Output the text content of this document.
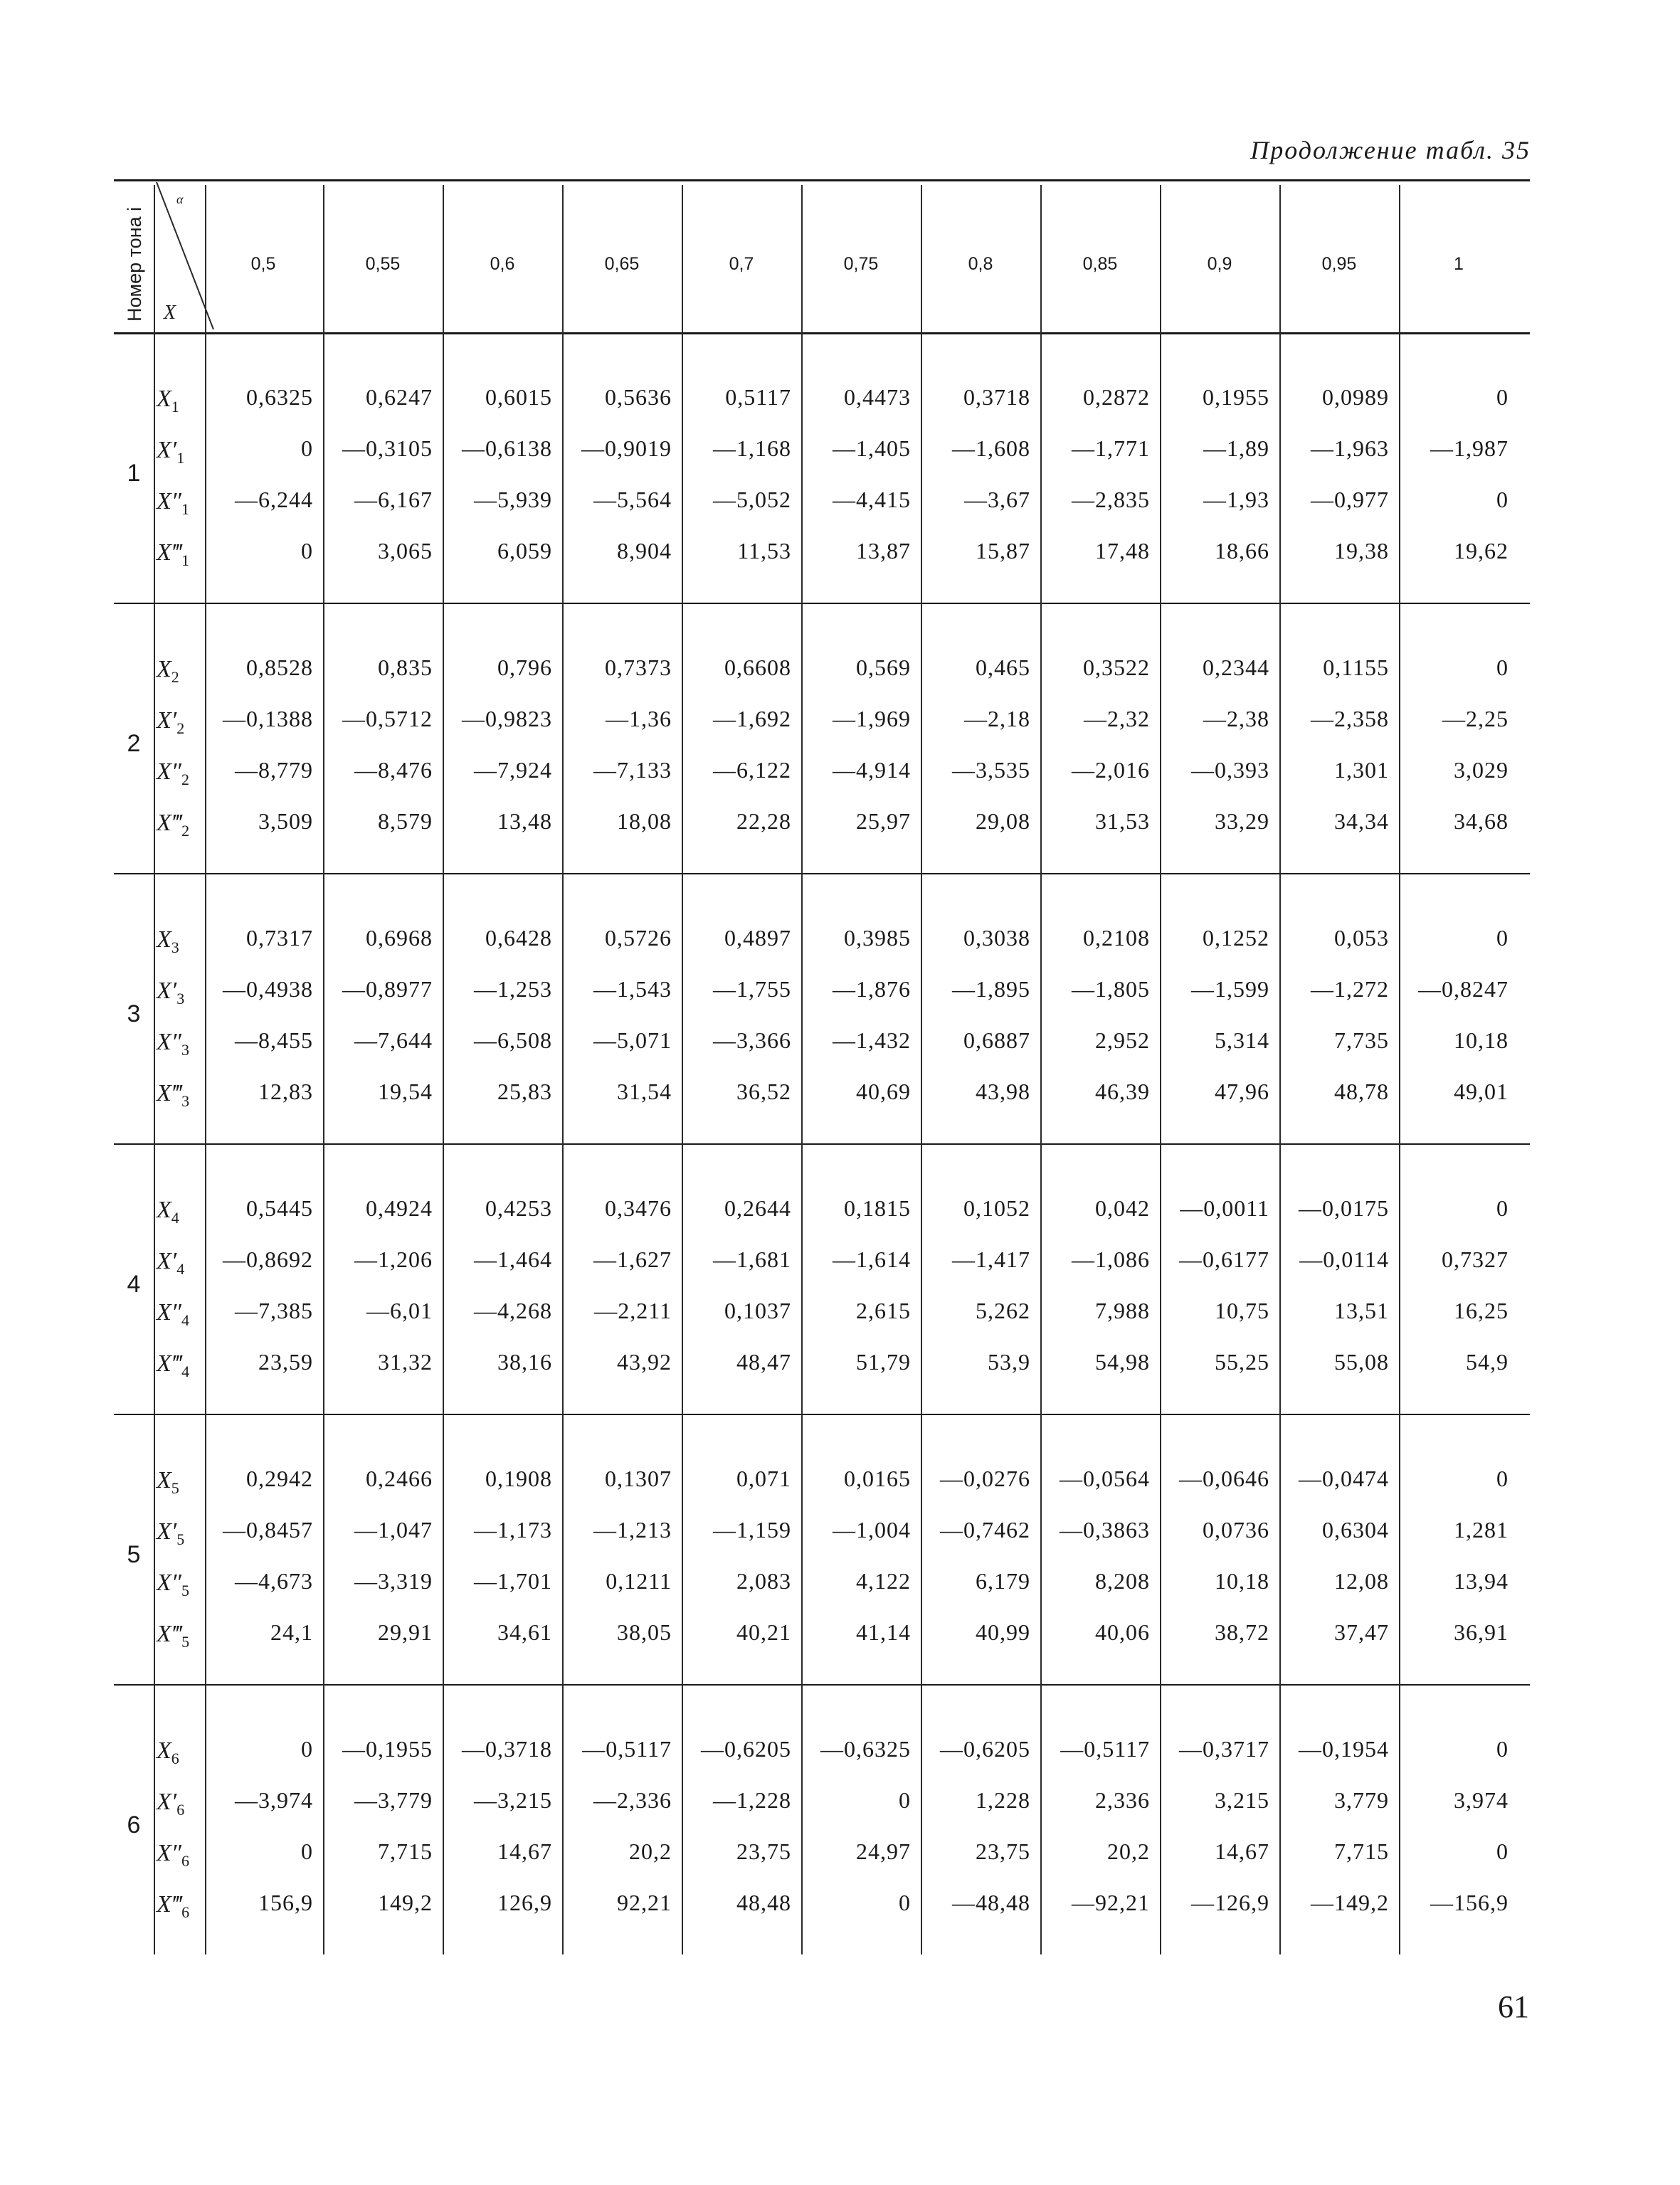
Продолжение табл. 35
Номер тона i
α
X
0,5	0,55	0,6	0,65	0,7	0,75	0,8	0,85	0,9	0,95	1
1
$X_1$	0,6325	0,6247	0,6015	0,5636	0,5117	0,4473	0,3718	0,2872	0,1955	0,0989	0
$X'_1$	0	—0,3105	—0,6138	—0,9019	—1,168	—1,405	—1,608	—1,771	—1,89	—1,963	—1,987
$X''_1$	—6,244	—6,167	—5,939	—5,564	—5,052	—4,415	—3,67	—2,835	—1,93	—0,977	0
$X‴_1$	0	3,065	6,059	8,904	11,53	13,87	15,87	17,48	18,66	19,38	19,62
2
$X_2$	0,8528	0,835	0,796	0,7373	0,6608	0,569	0,465	0,3522	0,2344	0,1155	0
$X'_2$	—0,1388	—0,5712	—0,9823	—1,36	—1,692	—1,969	—2,18	—2,32	—2,38	—2,358	—2,25
$X''_2$	—8,779	—8,476	—7,924	—7,133	—6,122	—4,914	—3,535	—2,016	—0,393	1,301	3,029
$X‴_2$	3,509	8,579	13,48	18,08	22,28	25,97	29,08	31,53	33,29	34,34	34,68
3
$X_3$	0,7317	0,6968	0,6428	0,5726	0,4897	0,3985	0,3038	0,2108	0,1252	0,053	0
$X'_3$	—0,4938	—0,8977	—1,253	—1,543	—1,755	—1,876	—1,895	—1,805	—1,599	—1,272	—0,8247
$X''_3$	—8,455	—7,644	—6,508	—5,071	—3,366	—1,432	0,6887	2,952	5,314	7,735	10,18
$X‴_3$	12,83	19,54	25,83	31,54	36,52	40,69	43,98	46,39	47,96	48,78	49,01
4
$X_4$	0,5445	0,4924	0,4253	0,3476	0,2644	0,1815	0,1052	0,042	—0,0011	—0,0175	0
$X'_4$	—0,8692	—1,206	—1,464	—1,627	—1,681	—1,614	—1,417	—1,086	—0,6177	—0,0114	0,7327
$X''_4$	—7,385	—6,01	—4,268	—2,211	0,1037	2,615	5,262	7,988	10,75	13,51	16,25
$X‴_4$	23,59	31,32	38,16	43,92	48,47	51,79	53,9	54,98	55,25	55,08	54,9
5
$X_5$	0,2942	0,2466	0,1908	0,1307	0,071	0,0165	—0,0276	—0,0564	—0,0646	—0,0474	0
$X'_5$	—0,8457	—1,047	—1,173	—1,213	—1,159	—1,004	—0,7462	—0,3863	0,0736	0,6304	1,281
$X''_5$	—4,673	—3,319	—1,701	0,1211	2,083	4,122	6,179	8,208	10,18	12,08	13,94
$X‴_5$	24,1	29,91	34,61	38,05	40,21	41,14	40,99	40,06	38,72	37,47	36,91
6
$X_6$	0	—0,1955	—0,3718	—0,5117	—0,6205	—0,6325	—0,6205	—0,5117	—0,3717	—0,1954	0
$X'_6$	—3,974	—3,779	—3,215	—2,336	—1,228	0	1,228	2,336	3,215	3,779	3,974
$X''_6$	0	7,715	14,67	20,2	23,75	24,97	23,75	20,2	14,67	7,715	0
$X‴_6$	156,9	149,2	126,9	92,21	48,48	0	—48,48	—92,21	—126,9	—149,2	—156,9
61
